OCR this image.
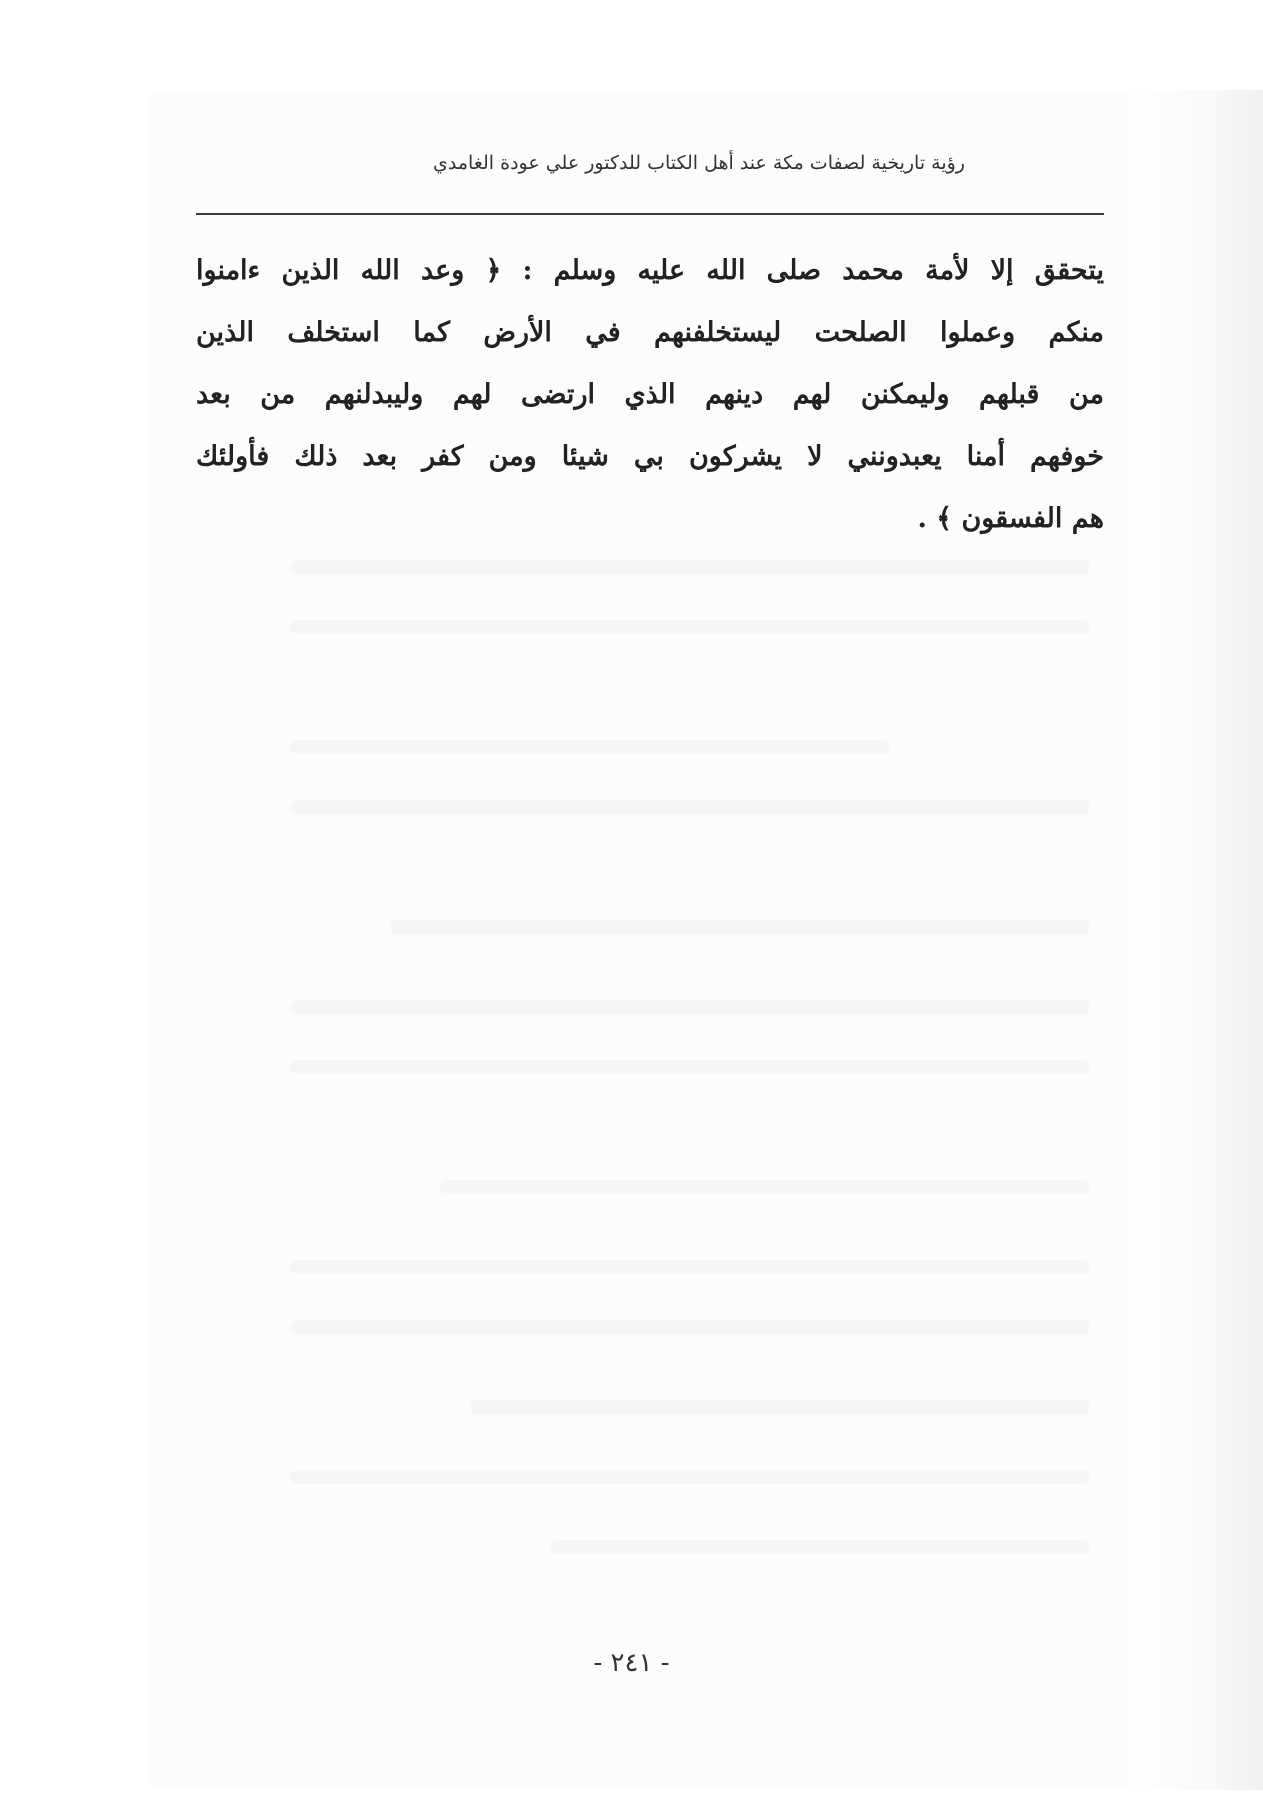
رؤية تاريخية لصفات مكة عند أهل الكتاب للدكتور علي عودة الغامدي
يتحقق إلا لأمة محمد صلى الله عليه وسلم : ﴿ وعد الله الذين ءامنوا
منكم وعملوا الصلحت ليستخلفنهم في الأرض كما استخلف الذين
من قبلهم وليمكنن لهم دينهم الذي ارتضى لهم وليبدلنهم من بعد
خوفهم أمنا يعبدونني لا يشركون بي شيئا ومن كفر بعد ذلك فأولئك
هم الفسقون ﴾ .
- ٢٤١ -
